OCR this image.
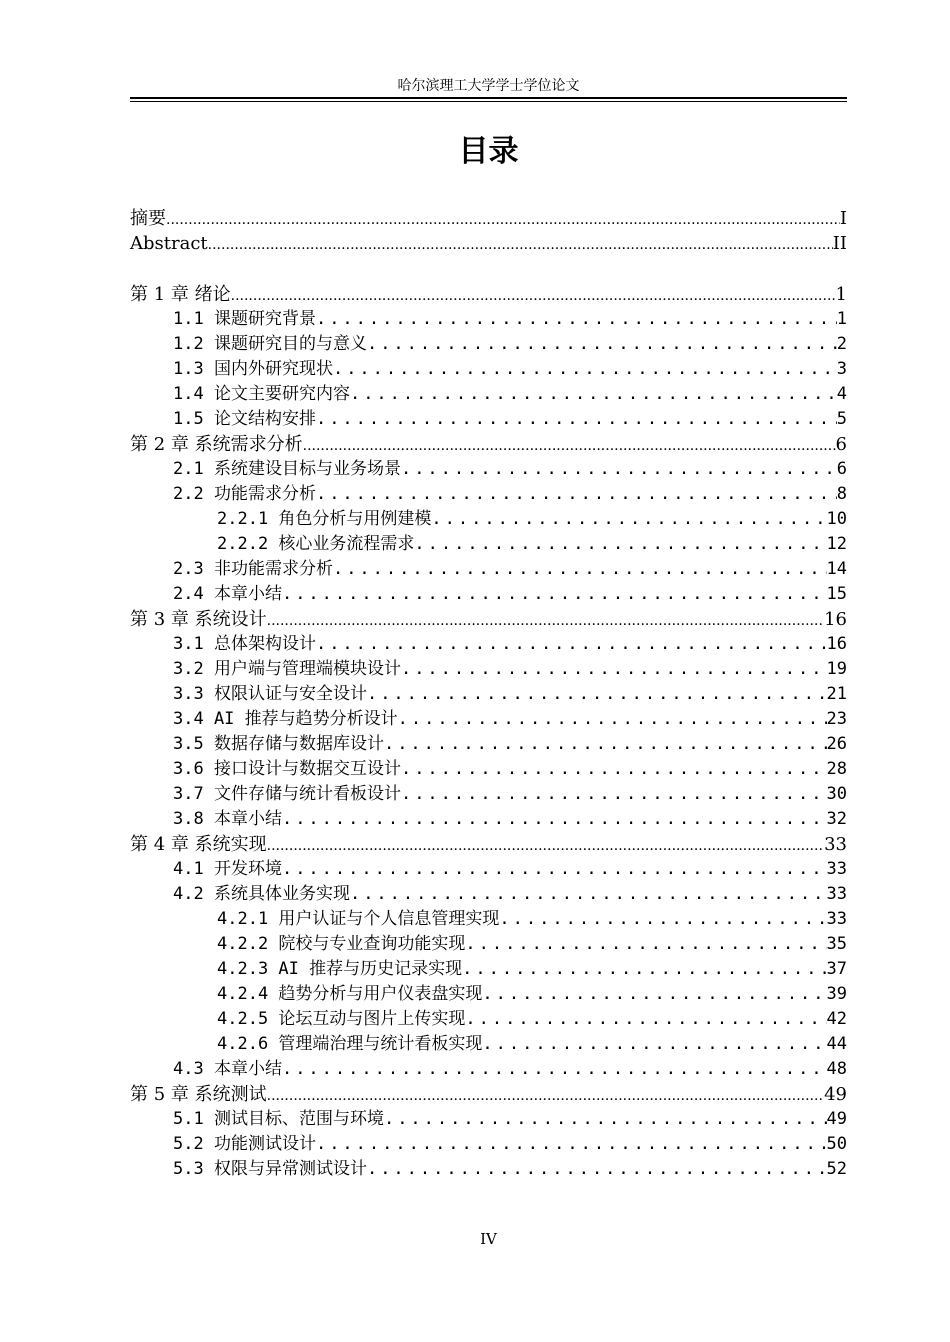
哈尔滨理工大学学士学位论文
目录
摘要 .....	I
Abstract .....	II
第 1 章 绪论 .....	1
1.1 课题研究背景 .....	1
1.2 课题研究目的与意义 .....	2
1.3 国内外研究现状 .....	3
1.4 论文主要研究内容 .....	4
1.5 论文结构安排 .....	5
第 2 章 系统需求分析 .....	6
2.1 系统建设目标与业务场景 .....	6
2.2 功能需求分析 .....	8
2.2.1 角色分析与用例建模 .....	10
2.2.2 核心业务流程需求 .....	12
2.3 非功能需求分析 .....	14
2.4 本章小结 .....	15
第 3 章 系统设计 .....	16
3.1 总体架构设计 .....	16
3.2 用户端与管理端模块设计 .....	19
3.3 权限认证与安全设计 .....	21
3.4 AI 推荐与趋势分析设计 .....	23
3.5 数据存储与数据库设计 .....	26
3.6 接口设计与数据交互设计 .....	28
3.7 文件存储与统计看板设计 .....	30
3.8 本章小结 .....	32
第 4 章 系统实现 .....	33
4.1 开发环境 .....	33
4.2 系统具体业务实现 .....	33
4.2.1 用户认证与个人信息管理实现 .....	33
4.2.2 院校与专业查询功能实现 .....	35
4.2.3 AI 推荐与历史记录实现 .....	37
4.2.4 趋势分析与用户仪表盘实现 .....	39
4.2.5 论坛互动与图片上传实现 .....	42
4.2.6 管理端治理与统计看板实现 .....	44
4.3 本章小结 .....	48
第 5 章 系统测试 .....	49
5.1 测试目标、范围与环境 .....	49
5.2 功能测试设计 .....	50
5.3 权限与异常测试设计 .....	52
IV
